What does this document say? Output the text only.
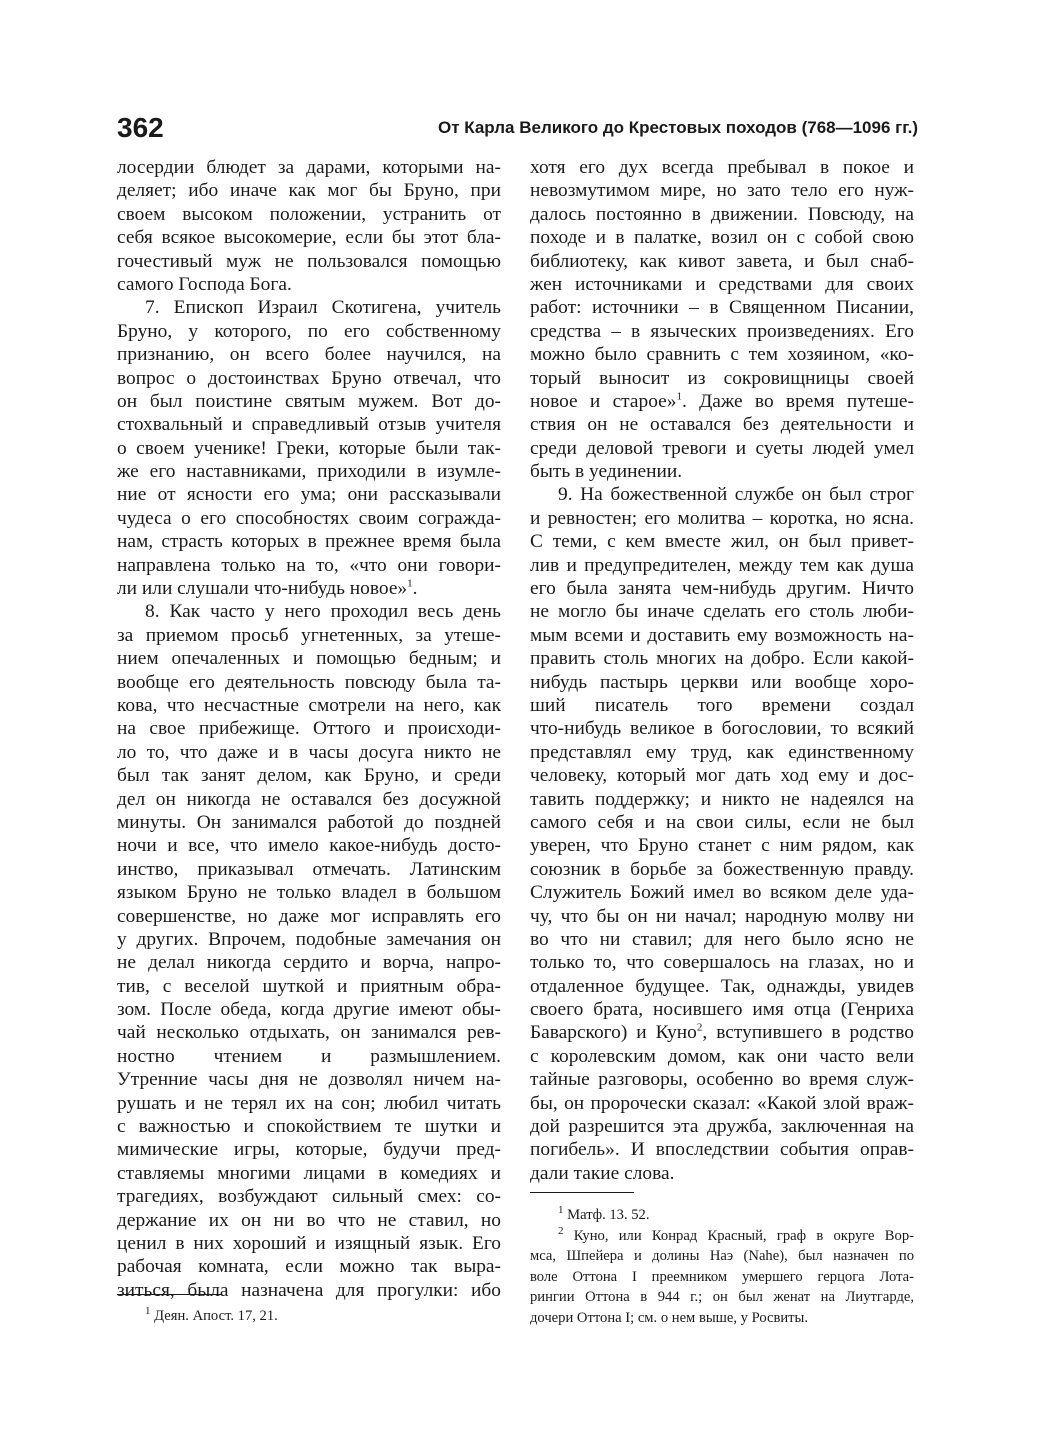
362	От Карла Великого до Крестовых походов (768—1096 гг.)
лосердии блюдет за дарами, которыми на-
деляет; ибо иначе как мог бы Бруно, при
своем высоком положении, устранить от
себя всякое высокомерие, если бы этот бла-
гочестивый муж не пользовался помощью
самого Господа Бога.
7. Епископ Израил Скотигена, учитель
Бруно, у которого, по его собственному
признанию, он всего более научился, на
вопрос о достоинствах Бруно отвечал, что
он был поистине святым мужем. Вот до-
стохвальный и справедливый отзыв учителя
о своем ученике! Греки, которые были так-
же его наставниками, приходили в изумле-
ние от ясности его ума; они рассказывали
чудеса о его способностях своим сограждa-
нам, страсть которых в прежнее время была
направлена только на то, «что они говори-
ли или слушали что-нибудь новое»$^1$.
8. Как часто у него проходил весь день
за приемом просьб угнетенных, за утеше-
нием опечаленных и помощью бедным; и
вообще его деятельность повсюду была та-
кова, что несчастные смотрели на него, как
на свое прибежище. Оттого и происходи-
ло то, что даже и в часы досуга никто не
был так занят делом, как Бруно, и среди
дел он никогда не оставался без досужной
минуты. Он занимался работой до поздней
ночи и все, что имело какое-нибудь досто-
инство, приказывал отмечать. Латинским
языком Бруно не только владел в большом
совершенстве, но даже мог исправлять его
у других. Впрочем, подобные замечания он
не делал никогда сердито и ворча, напро-
тив, с веселой шуткой и приятным обра-
зом. После обеда, когда другие имеют обы-
чай несколько отдыхать, он занимался рев-
ностно чтением и размышлением.
Утренние часы дня не дозволял ничем на-
рушать и не терял их на сон; любил читать
с важностью и спокойствием те шутки и
мимические игры, которые, будучи пред-
ставляемы многими лицами в комедиях и
трагедиях, возбуждают сильный смех: со-
держание их он ни во что не ставил, но
ценил в них хороший и изящный язык. Его
рабочая комната, если можно так выра-
зиться, была назначена для прогулки: ибо
хотя его дух всегда пребывал в покое и
невозмутимом мире, но зато тело его нуж-
далось постоянно в движении. Повсюду, на
походе и в палатке, возил он с собой свою
библиотеку, как кивот завета, и был снаб-
жен источниками и средствами для своих
работ: источники – в Священном Писании,
средства – в языческих произведениях. Его
можно было сравнить с тем хозяином, «ко-
торый выносит из сокровищницы своей
новое и старое»$^1$. Даже во время путеше-
ствия он не оставался без деятельности и
среди деловой тревоги и суеты людей умел
быть в уединении.
9. На божественной службе он был строг
и ревностен; его молитва – коротка, но ясна.
С теми, с кем вместе жил, он был привет-
лив и предупредителен, между тем как душа
его была занята чем-нибудь другим. Ничто
не могло бы иначе сделать его столь люби-
мым всеми и доставить ему возможность на-
править столь многих на добро. Если какой-
нибудь пастырь церкви или вообще хоро-
ший писатель того времени создал
что-нибудь великое в богословии, то всякий
представлял ему труд, как единственному
человеку, который мог дать ход ему и дос-
тавить поддержку; и никто не надеялся на
самого себя и на свои силы, если не был
уверен, что Бруно станет с ним рядом, как
союзник в борьбе за божественную правду.
Служитель Божий имел во всяком деле уда-
чу, что бы он ни начал; народную молву ни
во что ни ставил; для него было ясно не
только то, что совершалось на глазах, но и
отдаленное будущее. Так, однажды, увидев
своего брата, носившего имя отца (Генриха
Баварского) и Куно$^2$, вступившего в родство
с королевским домом, как они часто вели
тайные разговоры, особенно во время служ-
бы, он пророчески сказал: «Какой злой враж-
дой разрешится эта дружба, заключенная на
погибель». И впоследствии события оправ-
дали такие слова.
$^1$ Деян. Апост. 17, 21.
$^1$ Матф. 13. 52.
$^2$ Куно, или Конрад Красный, граф в округе Вор-
мса, Шпейера и долины Наэ (Nahe), был назначен по
воле Оттона I преемником умершего герцога Лота-
рингии Оттона в 944 г.; он был женат на Лиутгарде,
дочери Оттона I; см. о нем выше, у Росвиты.
